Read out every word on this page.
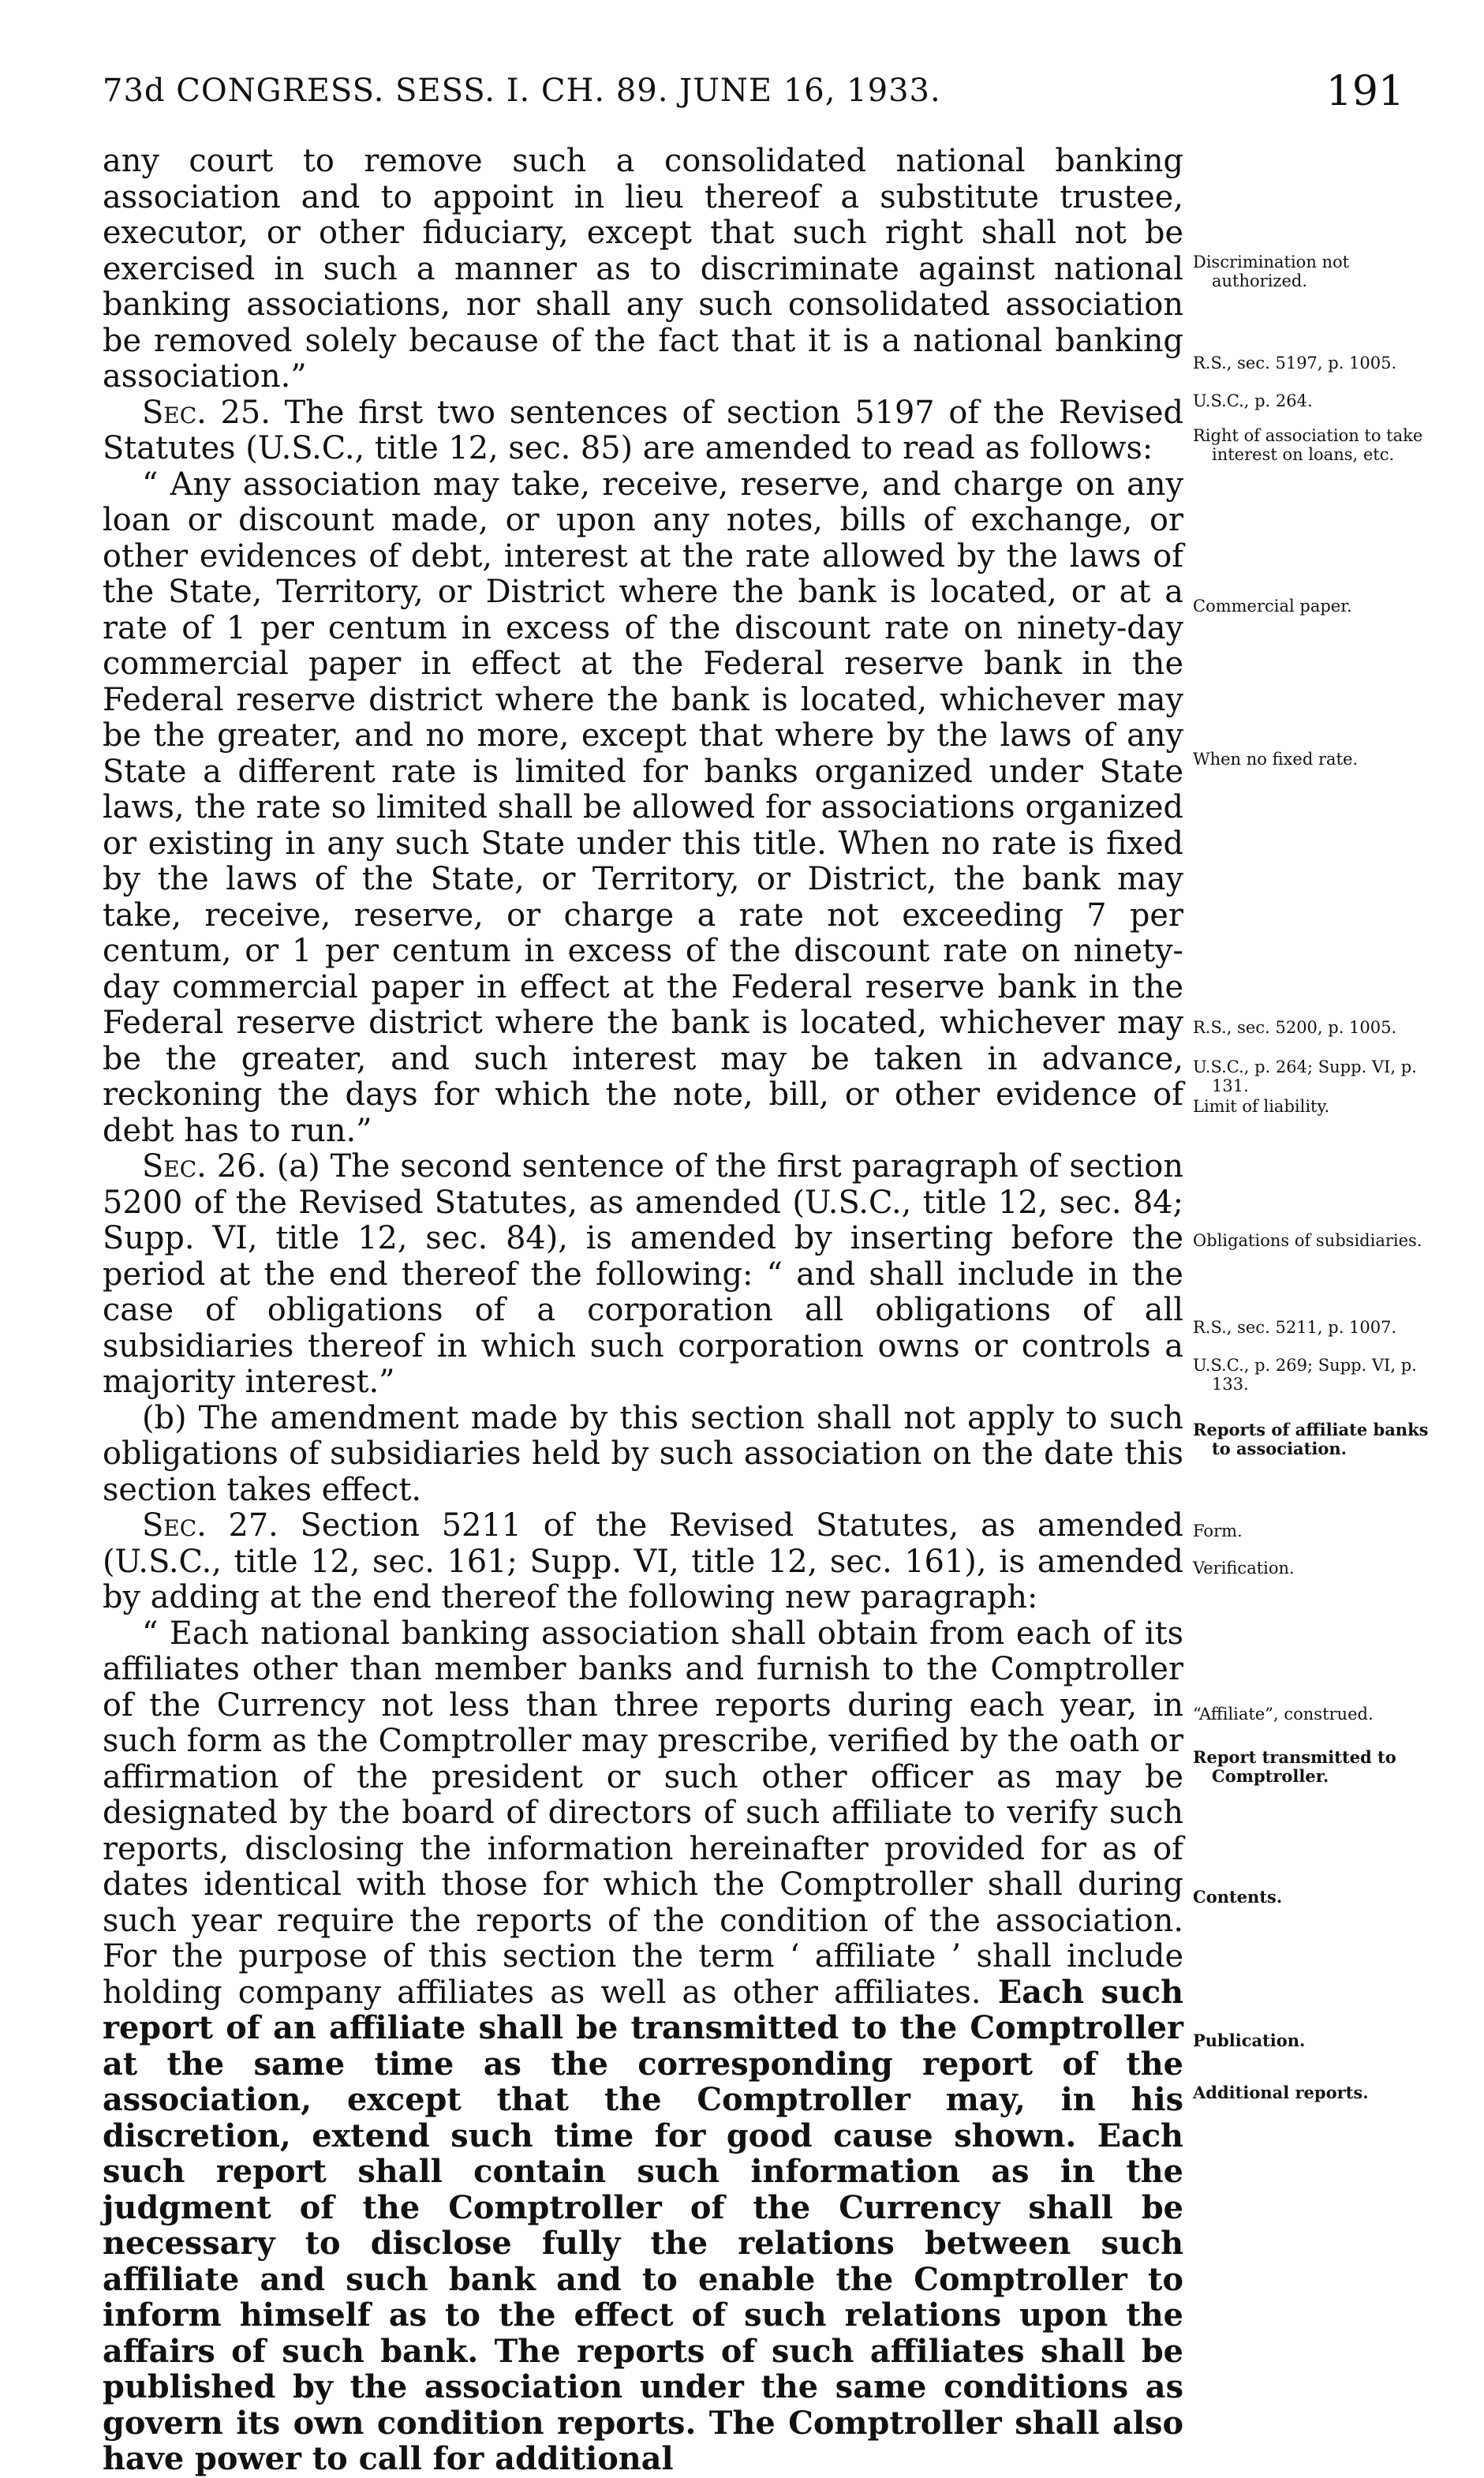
73d CONGRESS. SESS. I. CH. 89. JUNE 16, 1933.	191

any court to remove such a consolidated national banking association and to appoint in lieu thereof a substitute trustee, executor, or other fiduciary, except that such right shall not be exercised in such a manner as to discriminate against national banking associations, nor shall any such consolidated association be removed solely because of the fact that it is a national banking association.”

Sec. 25. The first two sentences of section 5197 of the Revised Statutes (U.S.C., title 12, sec. 85) are amended to read as follows:

“ Any association may take, receive, reserve, and charge on any loan or discount made, or upon any notes, bills of exchange, or other evidences of debt, interest at the rate allowed by the laws of the State, Territory, or District where the bank is located, or at a rate of 1 per centum in excess of the discount rate on ninety-day commercial paper in effect at the Federal reserve bank in the Federal reserve district where the bank is located, whichever may be the greater, and no more, except that where by the laws of any State a different rate is limited for banks organized under State laws, the rate so limited shall be allowed for associations organized or existing in any such State under this title. When no rate is fixed by the laws of the State, or Territory, or District, the bank may take, receive, reserve, or charge a rate not exceeding 7 per centum, or 1 per centum in excess of the discount rate on ninety-day commercial paper in effect at the Federal reserve bank in the Federal reserve district where the bank is located, whichever may be the greater, and such interest may be taken in advance, reckoning the days for which the note, bill, or other evidence of debt has to run.”

Sec. 26. (a) The second sentence of the first paragraph of section 5200 of the Revised Statutes, as amended (U.S.C., title 12, sec. 84; Supp. VI, title 12, sec. 84), is amended by inserting before the period at the end thereof the following: “ and shall include in the case of obligations of a corporation all obligations of all subsidiaries thereof in which such corporation owns or controls a majority interest.”

(b) The amendment made by this section shall not apply to such obligations of subsidiaries held by such association on the date this section takes effect.

Sec. 27. Section 5211 of the Revised Statutes, as amended (U.S.C., title 12, sec. 161; Supp. VI, title 12, sec. 161), is amended by adding at the end thereof the following new paragraph:

“ Each national banking association shall obtain from each of its affiliates other than member banks and furnish to the Comptroller of the Currency not less than three reports during each year, in such form as the Comptroller may prescribe, verified by the oath or affirmation of the president or such other officer as may be designated by the board of directors of such affiliate to verify such reports, disclosing the information hereinafter provided for as of dates identical with those for which the Comptroller shall during such year require the reports of the condition of the association. For the purpose of this section the term ‘ affiliate ’ shall include holding company affiliates as well as other affiliates. Each such report of an affiliate shall be transmitted to the Comptroller at the same time as the corresponding report of the association, except that the Comptroller may, in his discretion, extend such time for good cause shown. Each such report shall contain such information as in the judgment of the Comptroller of the Currency shall be necessary to disclose fully the relations between such affiliate and such bank and to enable the Comptroller to inform himself as to the effect of such relations upon the affairs of such bank. The reports of such affiliates shall be published by the association under the same conditions as govern its own condition reports. The Comptroller shall also have power to call for additional

Discrimination not authorized.
R.S., sec. 5197, p. 1005.
U.S.C., p. 264.
Right of association to take interest on loans, etc.
Commercial paper.
When no fixed rate.
R.S., sec. 5200, p. 1005.
U.S.C., p. 264; Supp. VI, p. 131.
Limit of liability.
Obligations of subsidiaries.
R.S., sec. 5211, p. 1007.
U.S.C., p. 269; Supp. VI, p. 133.
Reports of affiliate banks to association.
Form.
Verification.
“Affiliate”, construed.
Report transmitted to Comptroller.
Contents.
Publication.
Additional reports.
